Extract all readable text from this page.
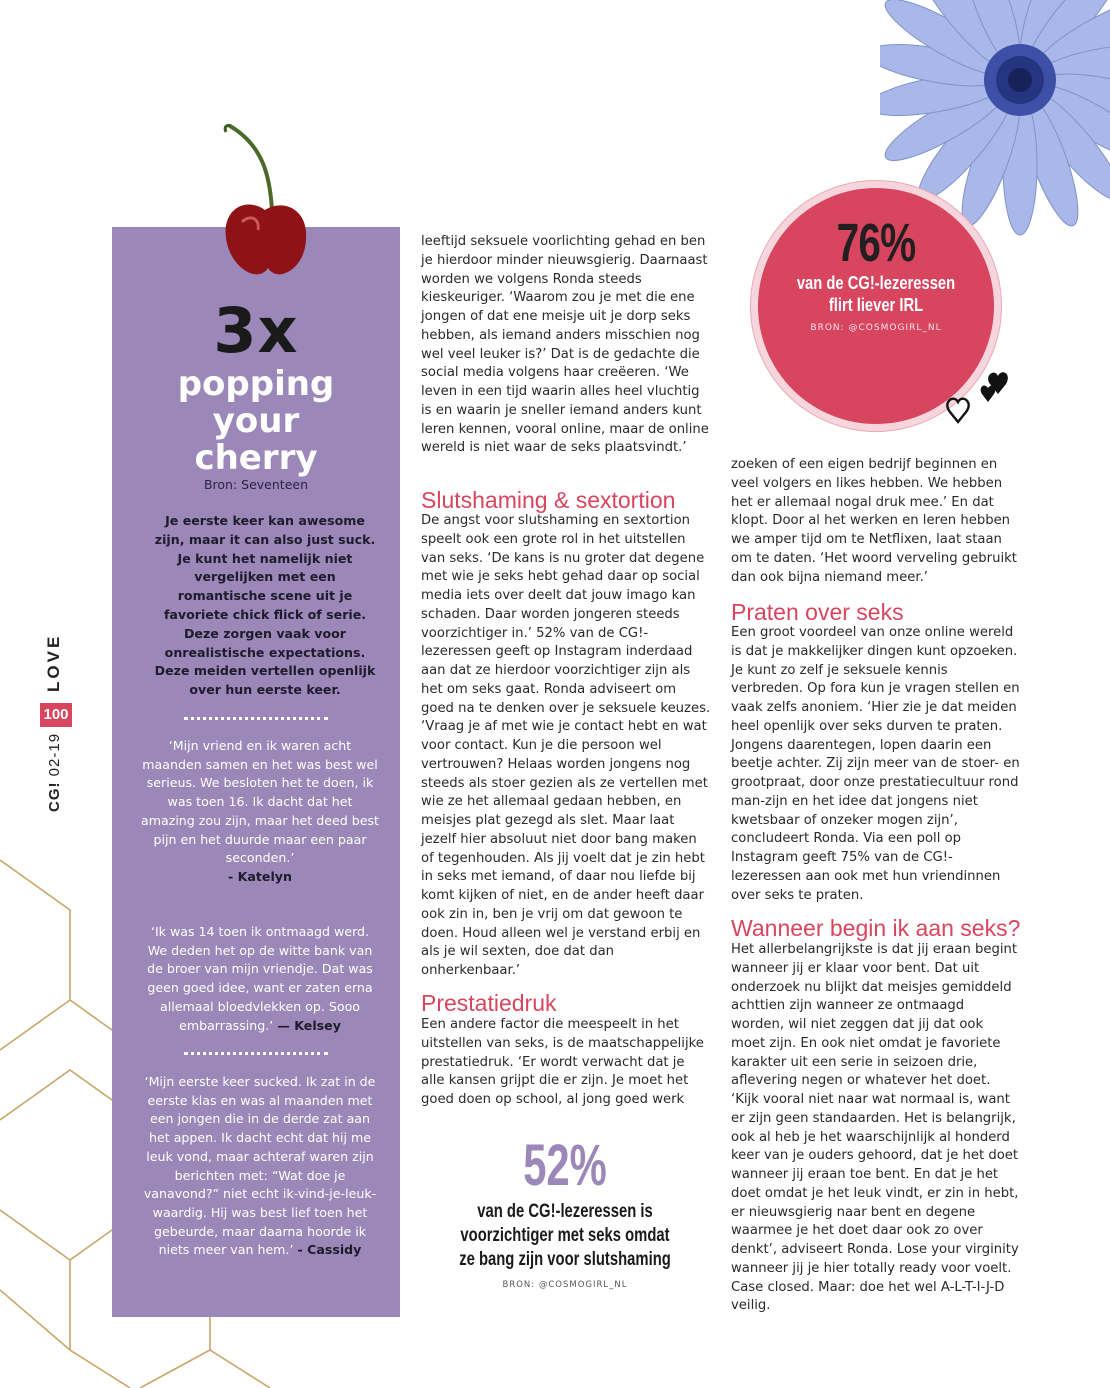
LOVE
100
CG! 02-19
3x
popping
your
cherry
Bron: Seventeen
Je eerste keer kan awesome zijn, maar it can also just suck. Je kunt het namelijk niet vergelijken met een romantische scene uit je favoriete chick flick of serie. Deze zorgen vaak voor onrealistische expectations. Deze meiden vertellen openlijk over hun eerste keer.
‘Mijn vriend en ik waren acht maanden samen en het was best wel serieus. We besloten het te doen, ik was toen 16. Ik dacht dat het amazing zou zijn, maar het deed best pijn en het duurde maar een paar seconden.’
- Katelyn
‘Ik was 14 toen ik ontmaagd werd. We deden het op de witte bank van de broer van mijn vriendje. Dat was geen goed idee, want er zaten erna allemaal bloedvlekken op. Sooo embarrassing.’ — Kelsey
‘Mijn eerste keer sucked. Ik zat in de eerste klas en was al maanden met een jongen die in de derde zat aan het appen. Ik dacht echt dat hij me leuk vond, maar achteraf waren zijn berichten met: “Wat doe je vanavond?” niet echt ik-vind-je-leuk-waardig. Hij was best lief toen het gebeurde, maar daarna hoorde ik niets meer van hem.’ - Cassidy

leeftijd seksuele voorlichting gehad en ben je hierdoor minder nieuwsgierig. Daarnaast worden we volgens Ronda steeds kieskeuriger. ‘Waarom zou je met die ene jongen of dat ene meisje uit je dorp seks hebben, als iemand anders misschien nog wel veel leuker is?’ Dat is de gedachte die social media volgens haar creëeren. ‘We leven in een tijd waarin alles heel vluchtig is en waarin je sneller iemand anders kunt leren kennen, vooral online, maar de online wereld is niet waar de seks plaatsvindt.’

Slutshaming & sextortion

De angst voor slutshaming en sextortion speelt ook een grote rol in het uitstellen van seks. ‘De kans is nu groter dat degene met wie je seks hebt gehad daar op social media iets over deelt dat jouw imago kan schaden. Daar worden jongeren steeds voorzichtiger in.’ 52% van de CG!-lezeressen geeft op Instagram inderdaad aan dat ze hierdoor voorzichtiger zijn als het om seks gaat. Ronda adviseert om goed na te denken over je seksuele keuzes. ‘Vraag je af met wie je contact hebt en wat voor contact. Kun je die persoon wel vertrouwen? Helaas worden jongens nog steeds als stoer gezien als ze vertellen met wie ze het allemaal gedaan hebben, en meisjes plat gezegd als slet. Maar laat jezelf hier absoluut niet door bang maken of tegenhouden. Als jij voelt dat je zin hebt in seks met iemand, of daar nou liefde bij komt kijken of niet, en de ander heeft daar ook zin in, ben je vrij om dat gewoon te doen. Houd alleen wel je verstand erbij en als je wil sexten, doe dat dan onherkenbaar.’

Prestatiedruk

Een andere factor die meespeelt in het uitstellen van seks, is de maatschappelijke prestatiedruk. ‘Er wordt verwacht dat je alle kansen grijpt die er zijn. Je moet het goed doen op school, al jong goed werk

zoeken of een eigen bedrijf beginnen en veel volgers en likes hebben. We hebben het er allemaal nogal druk mee.’ En dat klopt. Door al het werken en leren hebben we amper tijd om te Netflixen, laat staan om te daten. ‘Het woord verveling gebruikt dan ook bijna niemand meer.’

Praten over seks

Een groot voordeel van onze online wereld is dat je makkelijker dingen kunt opzoeken. Je kunt zo zelf je seksuele kennis verbreden. Op fora kun je vragen stellen en vaak zelfs anoniem. ‘Hier zie je dat meiden heel openlijk over seks durven te praten. Jongens daarentegen, lopen daarin een beetje achter. Zij zijn meer van de stoer- en grootpraat, door onze prestatiecultuur rond man-zijn en het idee dat jongens niet kwetsbaar of onzeker mogen zijn’, concludeert Ronda. Via een poll op Instagram geeft 75% van de CG!-lezeressen aan ook met hun vriendinnen over seks te praten.

Wanneer begin ik aan seks?

Het allerbelangrijkste is dat jij eraan begint wanneer jij er klaar voor bent. Dat uit onderzoek nu blijkt dat meisjes gemiddeld achttien zijn wanneer ze ontmaagd worden, wil niet zeggen dat jij dat ook moet zijn. En ook niet omdat je favoriete karakter uit een serie in seizoen drie, aflevering negen or whatever het doet. ‘Kijk vooral niet naar wat normaal is, want er zijn geen standaarden. Het is belangrijk, ook al heb je het waarschijnlijk al honderd keer van je ouders gehoord, dat je het doet wanneer jij eraan toe bent. En dat je het doet omdat je het leuk vindt, er zin in hebt, er nieuwsgierig naar bent en degene waarmee je het doet daar ook zo over denkt’, adviseert Ronda. Lose your virginity wanneer jij je hier totally ready voor voelt. Case closed. Maar: doe het wel A-L-T-I-J-D veilig.

76%
van de CG!-lezeressen flirt liever IRL
BRON: @COSMOGIRL_NL
52%
van de CG!-lezeressen is voorzichtiger met seks omdat ze bang zijn voor slutshaming
BRON: @COSMOGIRL_NL
